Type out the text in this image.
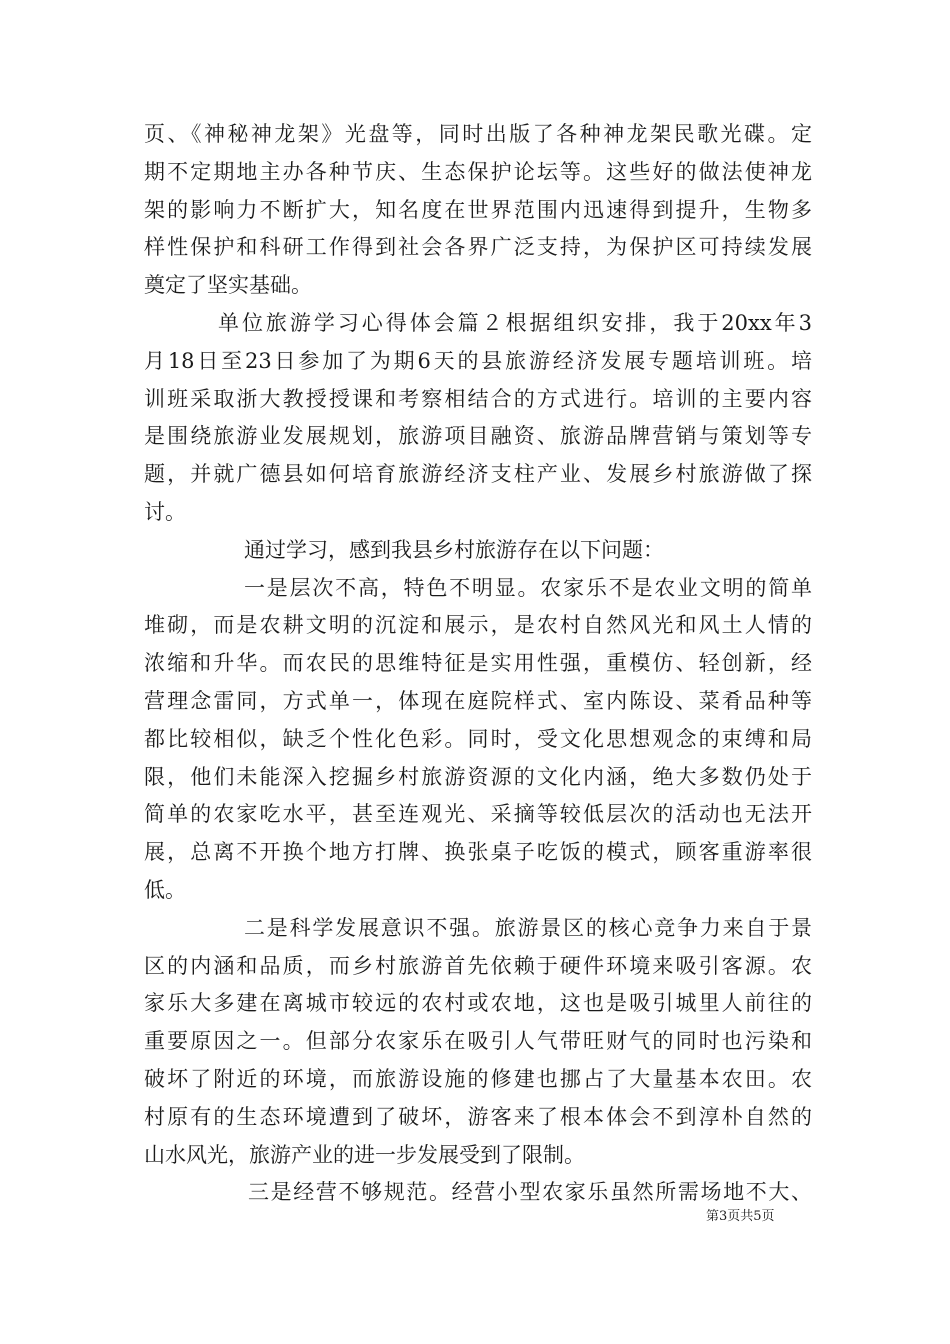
页、《神秘神龙架》光盘等，同时出版了各种神龙架民歌光碟。定
期不定期地主办各种节庆、生态保护论坛等。这些好的做法使神龙
架的影响力不断扩大，知名度在世界范围内迅速得到提升，生物多
样性保护和科研工作得到社会各界广泛支持，为保护区可持续发展
奠定了坚实基础。
单位旅游学习心得体会篇２根据组织安排，我于20xx年3
月18日至23日参加了为期6天的县旅游经济发展专题培训班。培
训班采取浙大教授授课和考察相结合的方式进行。培训的主要内容
是围绕旅游业发展规划，旅游项目融资、旅游品牌营销与策划等专
题，并就广德县如何培育旅游经济支柱产业、发展乡村旅游做了探
讨。
通过学习，感到我县乡村旅游存在以下问题：
一是层次不高，特色不明显。农家乐不是农业文明的简单
堆砌，而是农耕文明的沉淀和展示，是农村自然风光和风土人情的
浓缩和升华。而农民的思维特征是实用性强，重模仿、轻创新，经
营理念雷同，方式单一，体现在庭院样式、室内陈设、菜肴品种等
都比较相似，缺乏个性化色彩。同时，受文化思想观念的束缚和局
限，他们未能深入挖掘乡村旅游资源的文化内涵，绝大多数仍处于
简单的农家吃水平，甚至连观光、采摘等较低层次的活动也无法开
展，总离不开换个地方打牌、换张桌子吃饭的模式，顾客重游率很
低。
二是科学发展意识不强。旅游景区的核心竞争力来自于景
区的内涵和品质，而乡村旅游首先依赖于硬件环境来吸引客源。农
家乐大多建在离城市较远的农村或农地，这也是吸引城里人前往的
重要原因之一。但部分农家乐在吸引人气带旺财气的同时也污染和
破坏了附近的环境，而旅游设施的修建也挪占了大量基本农田。农
村原有的生态环境遭到了破坏，游客来了根本体会不到淳朴自然的
山水风光，旅游产业的进一步发展受到了限制。
三是经营不够规范。经营小型农家乐虽然所需场地不大、
第3页共5页
